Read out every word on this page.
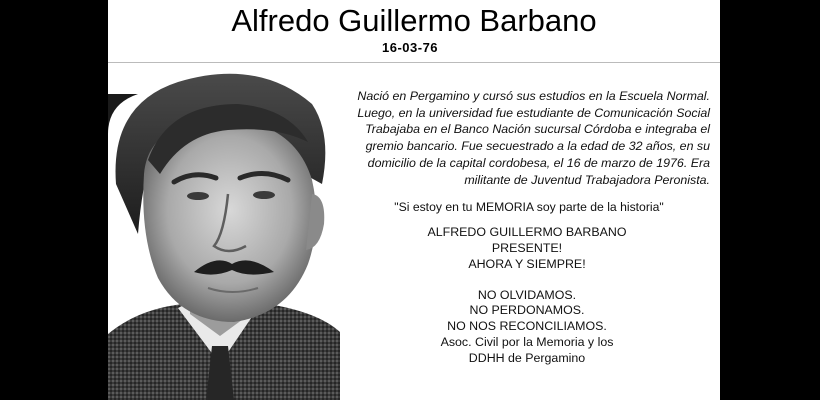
Alfredo Guillermo Barbano
16-03-76

Nació en Pergamino y cursó sus estudios en la Escuela Normal. Luego, en la universidad fue estudiante de Comunicación Social Trabajaba en el Banco Nación sucursal Córdoba e integraba el gremio bancario. Fue secuestrado a la edad de 32 años, en su domicilio de la capital cordobesa, el 16 de marzo de 1976. Era militante de Juventud Trabajadora Peronista.

"Si estoy en tu MEMORIA soy parte de la historia"

ALFREDO GUILLERMO BARBANO
PRESENTE!
AHORA Y SIEMPRE!
NO OLVIDAMOS.
NO PERDONAMOS.
NO NOS RECONCILIAMOS.
Asoc. Civil por la Memoria y los
DDHH de Pergamino
